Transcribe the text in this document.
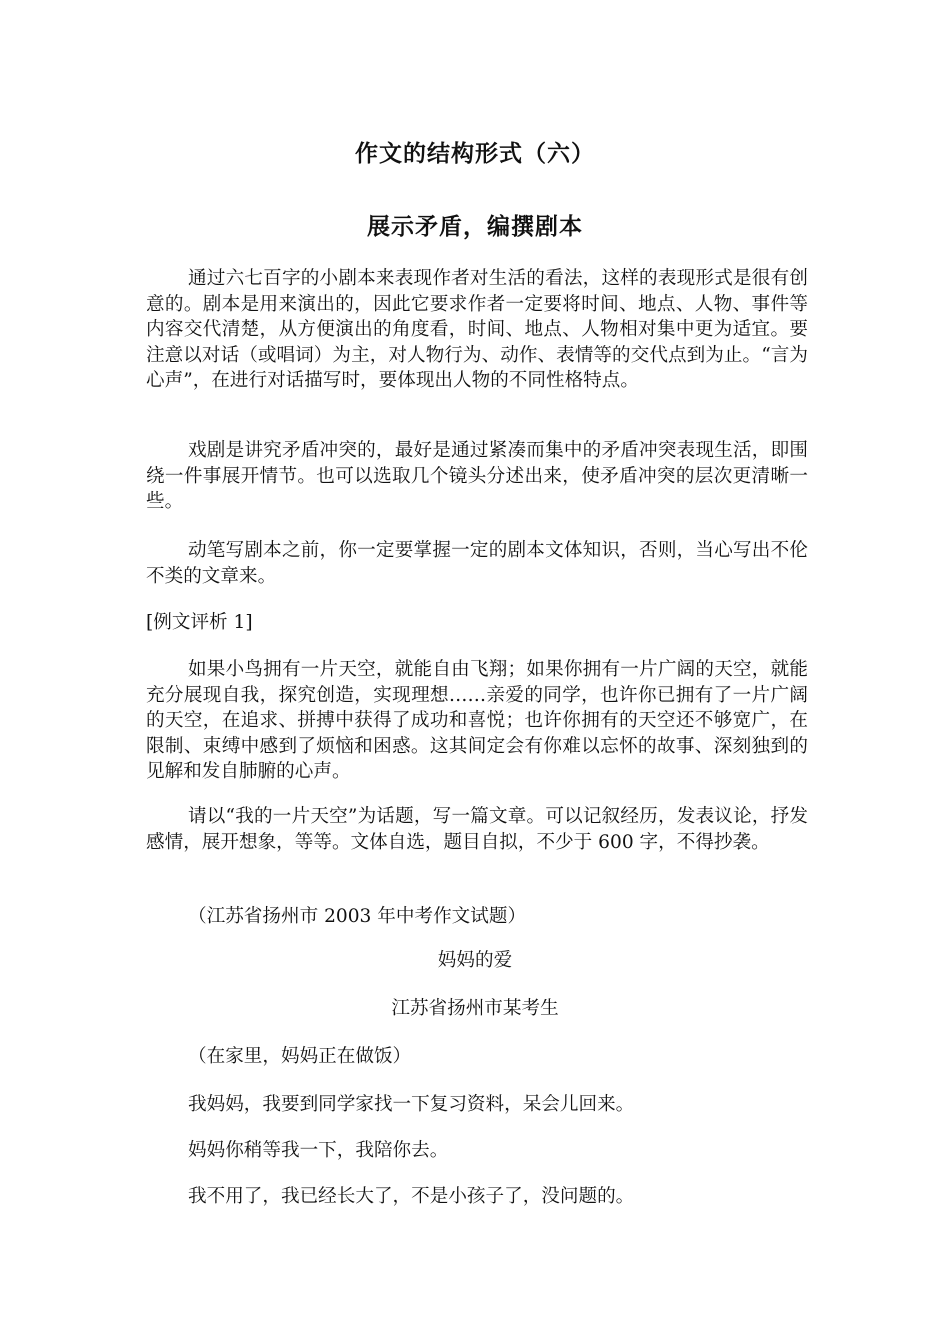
作文的结构形式（六）
展示矛盾，编撰剧本

通过六七百字的小剧本来表现作者对生活的看法，这样的表现形式是很有创意的。剧本是用来演出的，因此它要求作者一定要将时间、地点、人物、事件等内容交代清楚，从方便演出的角度看，时间、地点、人物相对集中更为适宜。要注意以对话（或唱词）为主，对人物行为、动作、表情等的交代点到为止。“言为心声”，在进行对话描写时，要体现出人物的不同性格特点。

戏剧是讲究矛盾冲突的，最好是通过紧凑而集中的矛盾冲突表现生活，即围绕一件事展开情节。也可以选取几个镜头分述出来，使矛盾冲突的层次更清晰一些。

动笔写剧本之前，你一定要掌握一定的剧本文体知识，否则，当心写出不伦不类的文章来。

[例文评析 1]

如果小鸟拥有一片天空，就能自由飞翔；如果你拥有一片广阔的天空，就能充分展现自我，探究创造，实现理想……亲爱的同学，也许你已拥有了一片广阔的天空，在追求、拼搏中获得了成功和喜悦；也许你拥有的天空还不够宽广，在限制、束缚中感到了烦恼和困惑。这其间定会有你难以忘怀的故事、深刻独到的见解和发自肺腑的心声。

请以“我的一片天空”为话题，写一篇文章。可以记叙经历，发表议论，抒发感情，展开想象，等等。文体自选，题目自拟，不少于 600 字，不得抄袭。

（江苏省扬州市 2003 年中考作文试题）

妈妈的爱

江苏省扬州市某考生

（在家里，妈妈正在做饭）

我妈妈，我要到同学家找一下复习资料，呆会儿回来。

妈妈你稍等我一下，我陪你去。

我不用了，我已经长大了，不是小孩子了，没问题的。
